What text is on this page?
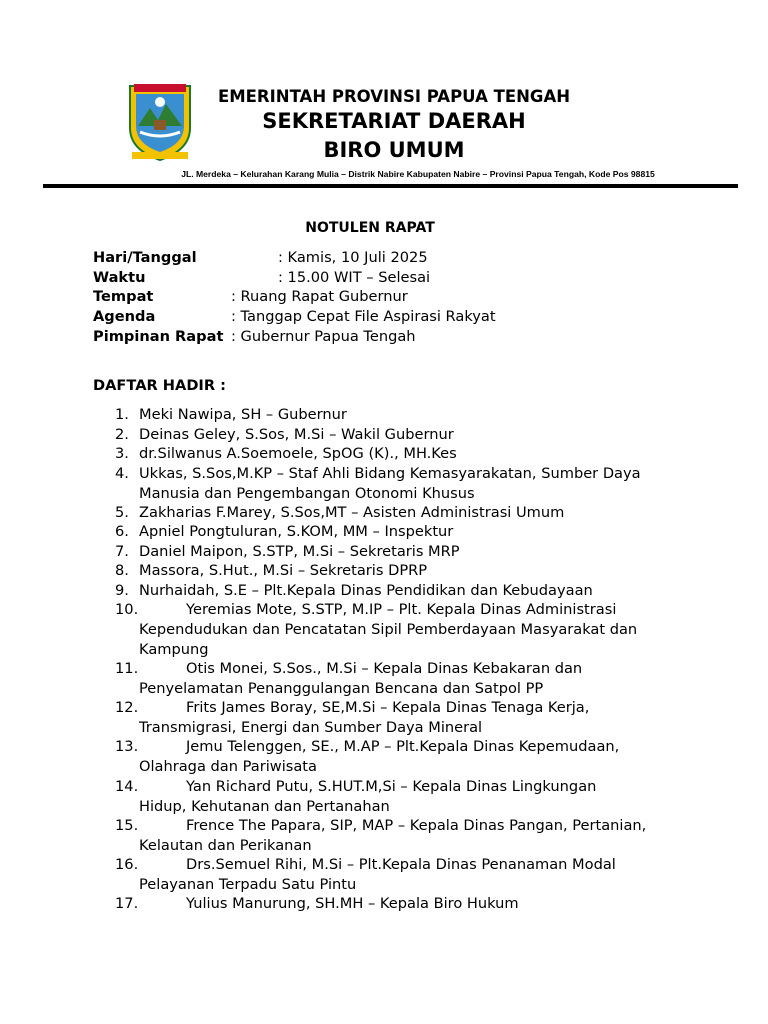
EMERINTAH PROVINSI PAPUA TENGAH
SEKRETARIAT DAERAH
BIRO UMUM
JL. Merdeka – Kelurahan Karang Mulia – Distrik Nabire Kabupaten Nabire – Provinsi Papua Tengah, Kode Pos 98815
NOTULEN RAPAT
Hari/Tanggal	: Kamis, 10 Juli 2025
Waktu	: 15.00 WIT – Selesai
Tempat	: Ruang Rapat Gubernur
Agenda	: Tanggap Cepat File Aspirasi Rakyat
Pimpinan Rapat : Gubernur Papua Tengah
DAFTAR HADIR :
1. Meki Nawipa, SH – Gubernur
2. Deinas Geley, S.Sos, M.Si – Wakil Gubernur
3. dr.Silwanus A.Soemoele, SpOG (K)., MH.Kes
4. Ukkas, S.Sos,M.KP – Staf Ahli Bidang Kemasyarakatan, Sumber Daya
Manusia dan Pengembangan Otonomi Khusus
5. Zakharias F.Marey, S.Sos,MT – Asisten Administrasi Umum
6. Apniel Pongtuluran, S.KOM, MM – Inspektur
7. Daniel Maipon, S.STP, M.Si – Sekretaris MRP
8. Massora, S.Hut., M.Si – Sekretaris DPRP
9. Nurhaidah, S.E – Plt.Kepala Dinas Pendidikan dan Kebudayaan
10.	Yeremias Mote, S.STP, M.IP – Plt. Kepala Dinas Administrasi
Kependudukan dan Pencatatan Sipil Pemberdayaan Masyarakat dan
Kampung
11.	Otis Monei, S.Sos., M.Si – Kepala Dinas Kebakaran dan
Penyelamatan Penanggulangan Bencana dan Satpol PP
12.	Frits James Boray, SE,M.Si – Kepala Dinas Tenaga Kerja,
Transmigrasi, Energi dan Sumber Daya Mineral
13.	Jemu Telenggen, SE., M.AP – Plt.Kepala Dinas Kepemudaan,
Olahraga dan Pariwisata
14.	Yan Richard Putu, S.HUT.M,Si – Kepala Dinas Lingkungan
Hidup, Kehutanan dan Pertanahan
15.	Frence The Papara, SIP, MAP – Kepala Dinas Pangan, Pertanian,
Kelautan dan Perikanan
16.	Drs.Semuel Rihi, M.Si – Plt.Kepala Dinas Penanaman Modal
Pelayanan Terpadu Satu Pintu
17.	Yulius Manurung, SH.MH – Kepala Biro Hukum
